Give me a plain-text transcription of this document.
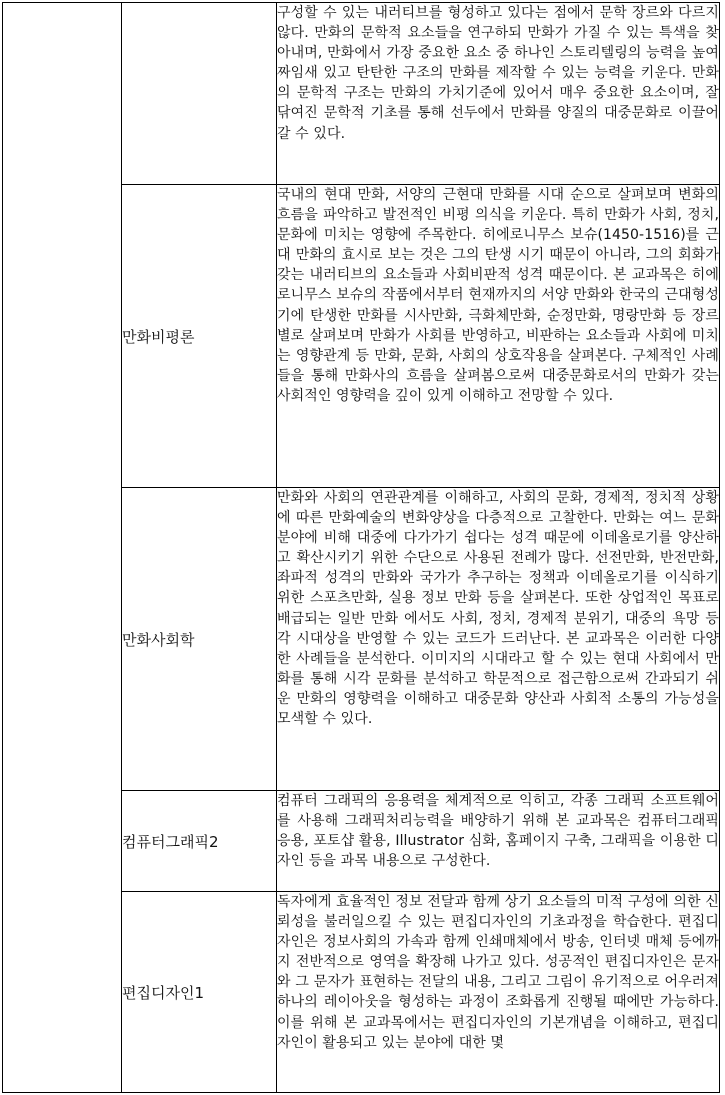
		구성할 수 있는 내러티브를 형성하고 있다는 점에서 문학 장르와 다르지 않다. 만화의 문학적 요소들을 연구하되 만화가 가질 수 있는 특색을 찾아내며, 만화에서 가장 중요한 요소 중 하나인 스토리텔링의 능력을 높여 짜임새 있고 탄탄한 구조의 만화를 제작할 수 있는 능력을 키운다. 만화의 문학적 구조는 만화의 가치기준에 있어서 매우 중요한 요소이며, 잘 닦여진 문학적 기초를 통해 선두에서 만화를 양질의 대중문화로 이끌어 갈 수 있다.

	만화비평론	국내의 현대 만화, 서양의 근현대 만화를 시대 순으로 살펴보며 변화의 흐름을 파악하고 발전적인 비평 의식을 키운다. 특히 만화가 사회, 정치, 문화에 미치는 영향에 주목한다. 히에로니무스 보슈(1450-1516)를 근대 만화의 효시로 보는 것은 그의 탄생 시기 때문이 아니라, 그의 회화가 갖는 내러티브의 요소들과 사회비판적 성격 때문이다. 본 교과목은 히에로니무스 보슈의 작품에서부터 현재까지의 서양 만화와 한국의 근대형성기에 탄생한 만화를 시사만화, 극화체만화, 순정만화, 명랑만화 등 장르별로 살펴보며 만화가 사회를 반영하고, 비판하는 요소들과 사회에 미치는 영향관계 등 만화, 문화, 사회의 상호작용을 살펴본다. 구체적인 사례들을 통해 만화사의 흐름을 살펴봄으로써 대중문화로서의 만화가 갖는 사회적인 영향력을 깊이 있게 이해하고 전망할 수 있다.

	만화사회학	만화와 사회의 연관관계를 이해하고, 사회의 문화, 경제적, 정치적 상황에 따른 만화예술의 변화양상을 다층적으로 고찰한다. 만화는 여느 문화 분야에 비해 대중에 다가가기 쉽다는 성격 때문에 이데올로기를 양산하고 확산시키기 위한 수단으로 사용된 전례가 많다. 선전만화, 반전만화, 좌파적 성격의 만화와 국가가 추구하는 정책과 이데올로기를 이식하기 위한 스포츠만화, 실용 정보 만화 등을 살펴본다. 또한 상업적인 목표로 배급되는 일반 만화 에서도 사회, 정치, 경제적 분위기, 대중의 욕망 등 각 시대상을 반영할 수 있는 코드가 드러난다. 본 교과목은 이러한 다양한 사례들을 분석한다. 이미지의 시대라고 할 수 있는 현대 사회에서 만화를 통해 시각 문화를 분석하고 학문적으로 접근함으로써 간과되기 쉬운 만화의 영향력을 이해하고 대중문화 양산과 사회적 소통의 가능성을 모색할 수 있다.

	컴퓨터그래픽2	컴퓨터 그래픽의 응용력을 체계적으로 익히고, 각종 그래픽 소프트웨어를 사용해 그래픽처리능력을 배양하기 위해 본 교과목은 컴퓨터그래픽 응용, 포토샵 활용, Illustrator 심화, 홈페이지 구축, 그래픽을 이용한 디자인 등을 과목 내용으로 구성한다.

	편집디자인1	독자에게 효율적인 정보 전달과 함께 상기 요소들의 미적 구성에 의한 신뢰성을 불러일으킬 수 있는 편집디자인의 기초과정을 학습한다. 편집디자인은 정보사회의 가속과 함께 인쇄매체에서 방송, 인터넷 매체 등에까지 전반적으로 영역을 확장해 나가고 있다. 성공적인 편집디자인은 문자와 그 문자가 표현하는 전달의 내용, 그리고 그림이 유기적으로 어우러져 하나의 레이아웃을 형성하는 과정이 조화롭게 진행될 때에만 가능하다. 이를 위해 본 교과목에서는 편집디자인의 기본개념을 이해하고, 편집디자인이 활용되고 있는 분야에 대한 몇
